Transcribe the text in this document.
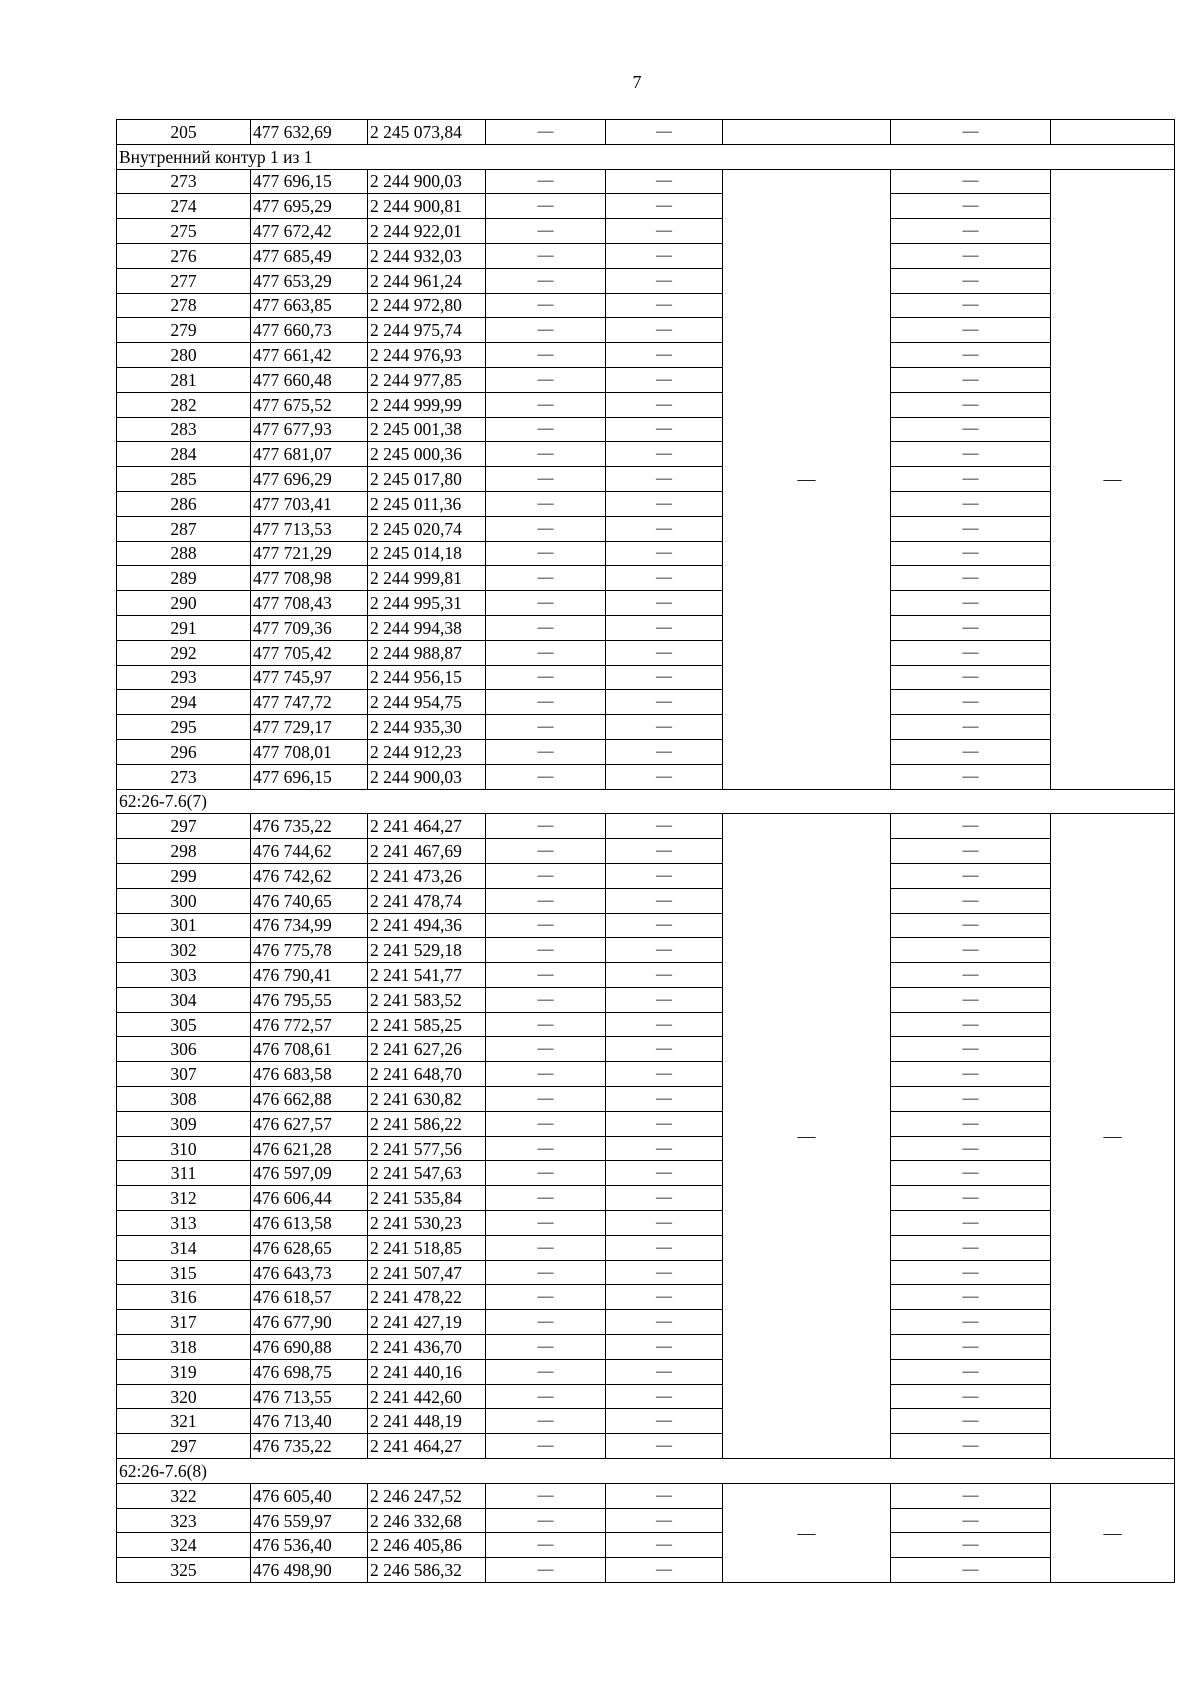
7
205	477 632,69	2 245 073,84	—	—		—	
Внутренний контур 1 из 1							
273	477 696,15	2 244 900,03	—	—	—	—	—
274	477 695,29	2 244 900,81	—	—		—	
275	477 672,42	2 244 922,01	—	—		—	
276	477 685,49	2 244 932,03	—	—		—	
277	477 653,29	2 244 961,24	—	—		—	
278	477 663,85	2 244 972,80	—	—		—	
279	477 660,73	2 244 975,74	—	—		—	
280	477 661,42	2 244 976,93	—	—		—	
281	477 660,48	2 244 977,85	—	—		—	
282	477 675,52	2 244 999,99	—	—		—	
283	477 677,93	2 245 001,38	—	—		—	
284	477 681,07	2 245 000,36	—	—		—	
285	477 696,29	2 245 017,80	—	—		—	
286	477 703,41	2 245 011,36	—	—		—	
287	477 713,53	2 245 020,74	—	—		—	
288	477 721,29	2 245 014,18	—	—		—	
289	477 708,98	2 244 999,81	—	—		—	
290	477 708,43	2 244 995,31	—	—		—	
291	477 709,36	2 244 994,38	—	—		—	
292	477 705,42	2 244 988,87	—	—		—	
293	477 745,97	2 244 956,15	—	—		—	
294	477 747,72	2 244 954,75	—	—		—	
295	477 729,17	2 244 935,30	—	—		—	
296	477 708,01	2 244 912,23	—	—		—	
273	477 696,15	2 244 900,03	—	—		—	
62:26-7.6(7)							
297	476 735,22	2 241 464,27	—	—	—	—	—
298	476 744,62	2 241 467,69	—	—		—	
299	476 742,62	2 241 473,26	—	—		—	
300	476 740,65	2 241 478,74	—	—		—	
301	476 734,99	2 241 494,36	—	—		—	
302	476 775,78	2 241 529,18	—	—		—	
303	476 790,41	2 241 541,77	—	—		—	
304	476 795,55	2 241 583,52	—	—		—	
305	476 772,57	2 241 585,25	—	—		—	
306	476 708,61	2 241 627,26	—	—		—	
307	476 683,58	2 241 648,70	—	—		—	
308	476 662,88	2 241 630,82	—	—		—	
309	476 627,57	2 241 586,22	—	—		—	
310	476 621,28	2 241 577,56	—	—		—	
311	476 597,09	2 241 547,63	—	—		—	
312	476 606,44	2 241 535,84	—	—		—	
313	476 613,58	2 241 530,23	—	—		—	
314	476 628,65	2 241 518,85	—	—		—	
315	476 643,73	2 241 507,47	—	—		—	
316	476 618,57	2 241 478,22	—	—		—	
317	476 677,90	2 241 427,19	—	—		—	
318	476 690,88	2 241 436,70	—	—		—	
319	476 698,75	2 241 440,16	—	—		—	
320	476 713,55	2 241 442,60	—	—		—	
321	476 713,40	2 241 448,19	—	—		—	
297	476 735,22	2 241 464,27	—	—		—	
62:26-7.6(8)							
322	476 605,40	2 246 247,52	—	—	—	—	—
323	476 559,97	2 246 332,68	—	—		—	
324	476 536,40	2 246 405,86	—	—		—	
325	476 498,90	2 246 586,32	—	—		—	
